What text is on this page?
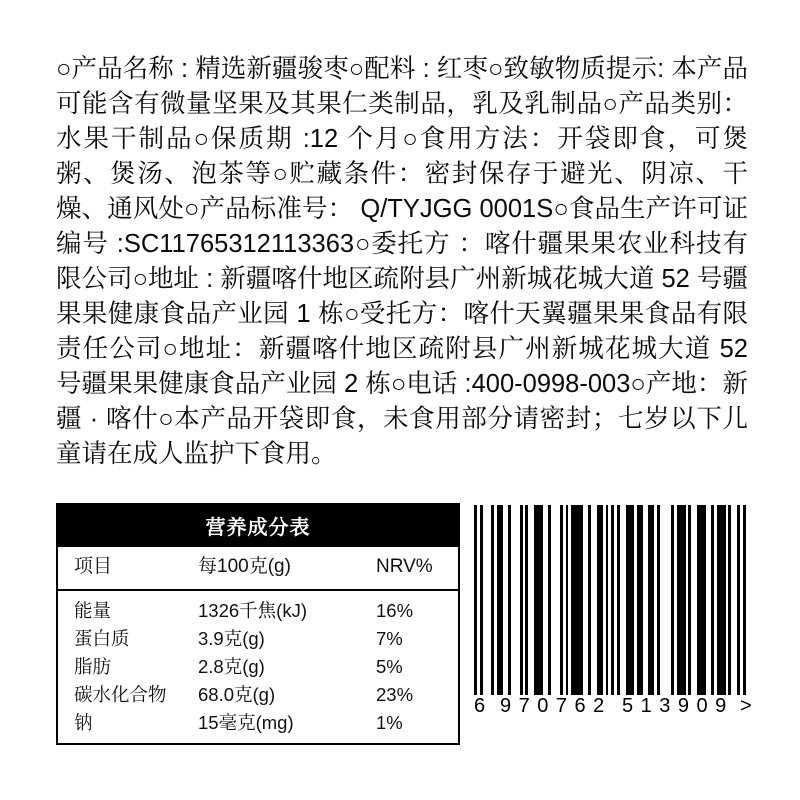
○产品名称 : 精选新疆骏枣○配料 : 红枣○致敏物质提示: 本产品可能含有微量坚果及其果仁类制品，乳及乳制品○产品类别：水果干制品○保质期 :12 个月○食用方法：开袋即食，可煲粥、煲汤、泡茶等○贮藏条件：密封保存于避光、阴凉、干燥、通风处○产品标准号： Q/TYJGG 0001S○食品生产许可证编号 :SC11765312113363○委托方 ：喀什疆果果农业科技有限公司○地址 : 新疆喀什地区疏附县广州新城花城大道 52 号疆果果健康食品产业园 1 栋○受托方：喀什天翼疆果果食品有限责任公司○地址：新疆喀什地区疏附县广州新城花城大道 52 号疆果果健康食品产业园 2 栋○电话 :400-0998-003○产地：新疆 · 喀什○本产品开袋即食，未食用部分请密封；七岁以下儿童请在成人监护下食用。
营养成分表
项目	每100克(g)	NRV%
能量	1326千焦(kJ)	16%
蛋白质	3.9克(g)	7%
脂肪	2.8克(g)	5%
碳水化合物	68.0克(g)	23%
钠	15毫克(mg)	1%
6 970762 513909 >
